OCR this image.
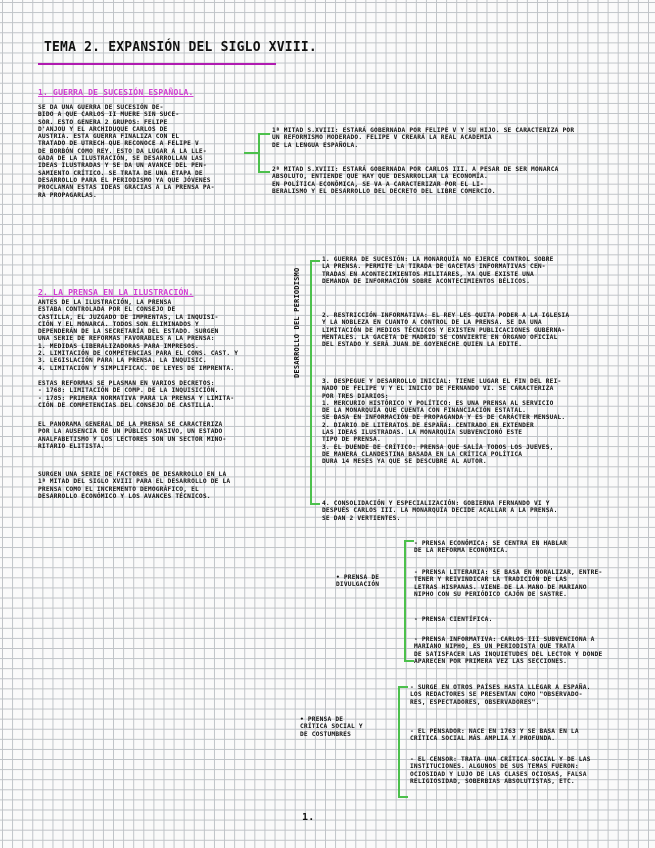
TEMA 2. EXPANSIÓN DEL SIGLO XVIII.
1. GUERRA DE SUCESIÓN ESPAÑOLA.
SE DA UNA GUERRA DE SUCESIÓN DE-
BIDO A QUE CARLOS II MUERE SIN SUCE-
SOR. ESTO GENERA 2 GRUPOS: FELIPE
D'ANJOU Y EL ARCHIDUQUE CARLOS DE
AUSTRIA. ESTA GUERRA FINALIZA CON EL
TRATADO DE UTRECH QUE RECONOCE A FELIPE V
DE BORBÓN COMO REY. ESTO DA LUGAR A LA LLE-
GADA DE LA ILUSTRACIÓN, SE DESARROLLAN LAS
IDEAS ILUSTRADAS Y SE DA UN AVANCE DEL PEN-
SAMIENTO CRÍTICO. SE TRATA DE UNA ETAPA DE
DESARROLLO PARA EL PERIODISMO YA QUE JÓVENES
PROCLAMAN ESTAS IDEAS GRACIAS A LA PRENSA PA-
RA PROPAGARLAS.
1ª MITAD S.XVIII: ESTARÁ GOBERNADA POR FELIPE V Y SU HIJO. SE CARACTERIZA POR
UN REFORMISMO MODERADO. FELIPE V CREARÁ LA REAL ACADEMIA
DE LA LENGUA ESPAÑOLA.
2ª MITAD S.XVIII: ESTARÁ GOBERNADA POR CARLOS III. A PESAR DE SER MONARCA
ABSOLUTO, ENTIENDE QUE HAY QUE DESARROLLAR LA ECONOMÍA.
EN POLÍTICA ECONÓMICA, SE VA A CARACTERIZAR POR EL LI-
BERALISMO Y EL DESARROLLO DEL DECRETO DEL LIBRE COMERCIO.
2. LA PRENSA EN LA ILUSTRACIÓN.
ANTES DE LA ILUSTRACIÓN, LA PRENSA
ESTABA CONTROLADA POR EL CONSEJO DE
CASTILLA, EL JUZGADO DE IMPRENTAS, LA INQUISI-
CIÓN Y EL MONARCA. TODOS SON ELIMINADOS Y
DEPENDERÁN DE LA SECRETARÍA DEL ESTADO. SURGEN
UNA SERIE DE REFORMAS FAVORABLES A LA PRENSA:
1. MEDIDAS LIBERALIZADORAS PARA IMPRESOS.
2. LIMITACIÓN DE COMPETENCIAS PARA EL CONS. CAST. Y
3. LEGISLACIÓN PARA LA PRENSA. LA INQUISIC.
4. LIMITACIÓN Y SIMPLIFICAC. DE LEYES DE IMPRENTA.
ESTAS REFORMAS SE PLASMAN EN VARIOS DECRETOS:
- 1768: LIMITACIÓN DE COMP. DE LA INQUISICIÓN.
- 1785: PRIMERA NORMATIVA PARA LA PRENSA Y LIMITA-
CIÓN DE COMPETENCIAS DEL CONSEJO DE CASTILLA.
EL PANORAMA GENERAL DE LA PRENSA SE CARACTERIZA
POR LA AUSENCIA DE UN PÚBLICO MASIVO, UN ESTADO
ANALFABETISMO Y LOS LECTORES SON UN SECTOR MINO-
RITARIO ELITISTA.
SURGEN UNA SERIE DE FACTORES DE DESARROLLO EN LA
1ª MITAD DEL SIGLO XVIII PARA EL DESARROLLO DE LA
PRENSA COMO EL INCREMENTO DEMOGRÁFICO, EL
DESARROLLO ECONÓMICO Y LOS AVANCES TÉCNICOS.
DESARROLLO DEL PERIODISMO
1. GUERRA DE SUCESIÓN: LA MONARQUÍA NO EJERCE CONTROL SOBRE
LA PRENSA. PERMITE LA TIRADA DE GACETAS INFORMATIVAS CEN-
TRADAS EN ACONTECIMIENTOS MILITARES, YA QUE EXISTE UNA
DEMANDA DE INFORMACIÓN SOBRE ACONTECIMIENTOS BÉLICOS.
2. RESTRICCIÓN INFORMATIVA: EL REY LES QUITA PODER A LA IGLESIA
Y LA NOBLEZA EN CUANTO A CONTROL DE LA PRENSA. SE DA UNA
LIMITACIÓN DE MEDIOS TÉCNICOS Y EXISTEN PUBLICACIONES GUBERNA-
MENTALES. LA GACETA DE MADRID SE CONVIERTE EN ÓRGANO OFICIAL
DEL ESTADO Y SERÁ JUAN DE GOYENECHE QUIEN LA EDITE.
3. DESPEGUE Y DESARROLLO INICIAL: TIENE LUGAR EL FIN DEL REI-
NADO DE FELIPE V Y EL INICIO DE FERNANDO VI. SE CARACTERIZA
POR TRES DIARIOS:
1. MERCURIO HISTÓRICO Y POLÍTICO: ES UNA PRENSA AL SERVICIO
DE LA MONARQUÍA QUE CUENTA CON FINANCIACIÓN ESTATAL.
SE BASA EN INFORMACIÓN DE PROPAGANDA Y ES DE CARÁCTER MENSUAL.
2. DIARIO DE LITERATOS DE ESPAÑA: CENTRADO EN EXTENDER
LAS IDEAS ILUSTRADAS. LA MONARQUÍA SUBVENCIONÓ ESTE
TIPO DE PRENSA.
3. EL DUENDE DE CRÍTICO: PRENSA QUE SALÍA TODOS LOS JUEVES,
DE MANERA CLANDESTINA BASADA EN LA CRÍTICA POLÍTICA
DURA 14 MESES YA QUE SE DESCUBRE AL AUTOR.
4. CONSOLIDACIÓN Y ESPECIALIZACIÓN: GOBIERNA FERNANDO VI Y
DESPUÉS CARLOS III. LA MONARQUÍA DECIDE ACALLAR A LA PRENSA.
SE DAN 2 VERTIENTES.
• PRENSA DE
DIVULGACIÓN
- PRENSA ECONÓMICA: SE CENTRA EN HABLAR
DE LA REFORMA ECONÓMICA.
- PRENSA LITERARIA: SE BASA EN MORALIZAR, ENTRE-
TENER Y REIVINDICAR LA TRADICIÓN DE LAS
LETRAS HISPANAS. VIENE DE LA MANO DE MARIANO
NIPHO CON SU PERIÓDICO CAJÓN DE SASTRE.
- PRENSA CIENTÍFICA.
- PRENSA INFORMATIVA: CARLOS III SUBVENCIONA A
MARIANO NIPHO, ES UN PERIODISTA QUE TRATA
DE SATISFACER LAS INQUIETUDES DEL LECTOR Y DONDE
APARECEN POR PRIMERA VEZ LAS SECCIONES.
• PRENSA DE
CRÍTICA SOCIAL Y
DE COSTUMBRES
- SURGE EN OTROS PAÍSES HASTA LLEGAR A ESPAÑA.
LOS REDACTORES SE PRESENTAN COMO "OBSERVADO-
RES, ESPECTADORES, OBSERVADORES".
- EL PENSADOR: NACE EN 1763 Y SE BASA EN LA
CRÍTICA SOCIAL MÁS AMPLIA Y PROFUNDA.
- EL CENSOR: TRATA UNA CRÍTICA SOCIAL Y DE LAS
INSTITUCIONES. ALGUNOS DE SUS TEMAS FUERON:
OCIOSIDAD Y LUJO DE LAS CLASES OCIOSAS, FALSA
RELIGIOSIDAD, SOBERBIAS ABSOLUTISTAS, ETC.
1.
